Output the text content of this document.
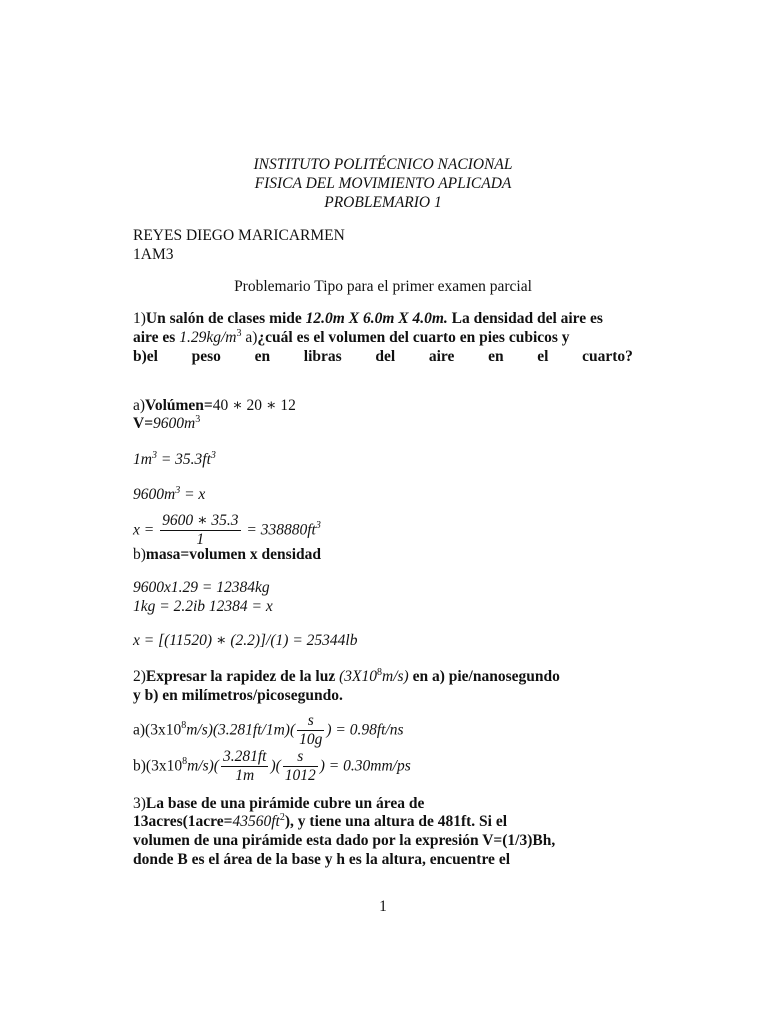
INSTITUTO POLITÉCNICO NACIONAL
FISICA DEL MOVIMIENTO APLICADA
PROBLEMARIO 1
REYES DIEGO MARICARMEN
1AM3
Problemario Tipo para el primer examen parcial
1)Un salón de clases mide 12.0m X 6.0m X 4.0m. La densidad del aire es
aire es $1.29kg/m^3$ a)¿cuál es el volumen del cuarto en pies cubicos y
b)el peso en libras del aire en el cuarto?
a)Volúmen=40 ∗ 20 ∗ 12
$V=9600m^3$
$1m^3 = 35.3ft^3$
$9600m^3 = x$
$x = \frac{9600 ∗ 35.3}{1} = 338880ft^3$
b)masa=volumen x densidad
9600x1.29 = 12384kg
1kg = 2.2ib 12384 = x
x = [(11520) ∗ (2.2)]/(1) = 25344lb
2)Expresar la rapidez de la luz $(3X10^8m/s)$ en a) pie/nanosegundo
y b) en milímetros/picosegundo.
$a)(3x10^8m/s)(3.281ft/1m)( \frac{s}{10g}$ ) = 0.98ft/ns
$b)(3x10^8m/s)( \frac{3.281ft}{1m}$ )( $\frac{s}{1012}$ ) = 0.30mm/ps
3)La base de una pirámide cubre un área de
$13acres(1acre=43560ft^2)$, y tiene una altura de 481ft. Si el
volumen de una pirámide esta dado por la expresión V=(1/3)Bh,
donde B es el área de la base y h es la altura, encuentre el
1
